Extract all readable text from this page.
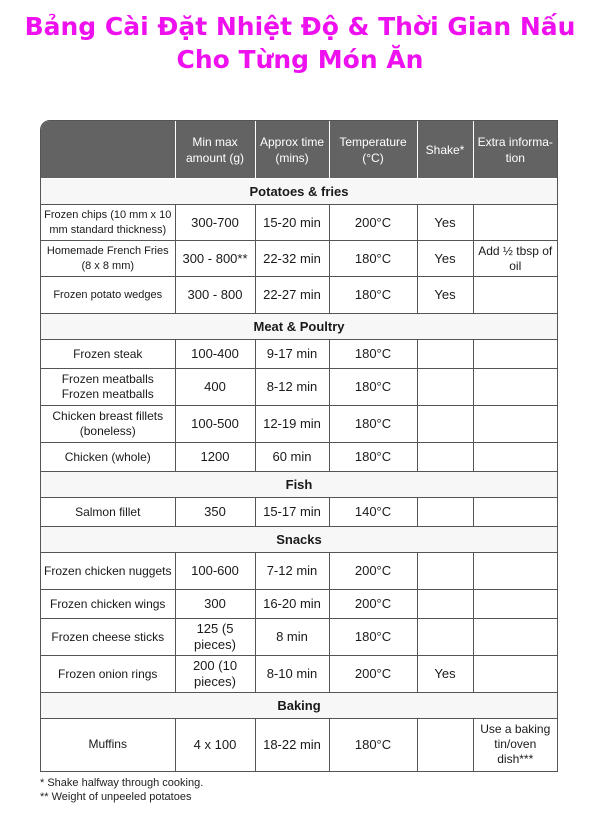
Bảng Cài Đặt Nhiệt Độ & Thời Gian Nấu
Cho Từng Món Ăn
	Min max amount (g)	Approx time (mins)	Temperature (°C)	Shake*	Extra informa-tion
Potatoes & fries					
Frozen chips (10 mm x 10 mm standard thickness)	300-700	15-20 min	200°C	Yes	
Homemade French Fries (8 x 8 mm)	300 - 800**	22-32 min	180°C	Yes	Add ½ tbsp of oil
Frozen potato wedges	300 - 800	22-27 min	180°C	Yes	
Meat & Poultry					
Frozen steak	100-400	9-17 min	180°C		
Frozen meatballs Frozen meatballs	400	8-12 min	180°C		
Chicken breast fillets (boneless)	100-500	12-19 min	180°C		
Chicken (whole)	1200	60 min	180°C		
Fish					
Salmon fillet	350	15-17 min	140°C		
Snacks					
Frozen chicken nuggets	100-600	7-12 min	200°C		
Frozen chicken wings	300	16-20 min	200°C		
Frozen cheese sticks	125 (5 pieces)	8 min	180°C		
Frozen onion rings	200 (10 pieces)	8-10 min	200°C	Yes	
Baking					
Muffins	4 x 100	18-22 min	180°C		Use a baking tin/oven dish***
* Shake halfway through cooking.
** Weight of unpeeled potatoes
